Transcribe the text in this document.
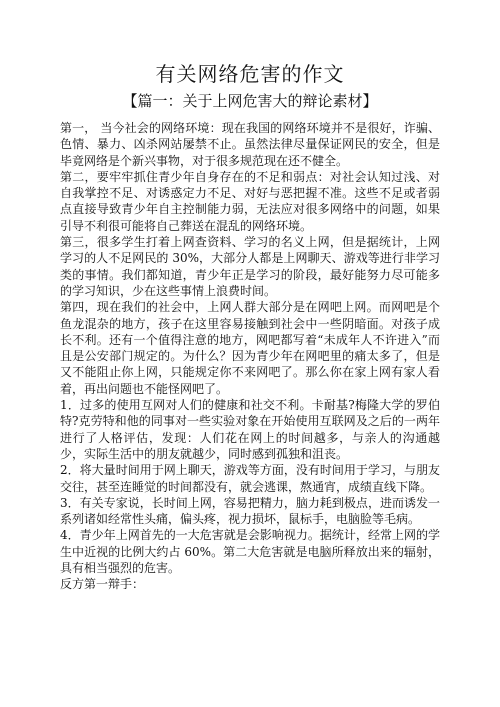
有关网络危害的作文
【篇一：关于上网危害大的辩论素材】

第一， 当今社会的网络环境：现在我国的网络环境并不是很好，诈骗、色情、暴力、凶杀网站屡禁不止。虽然法律尽量保证网民的安全，但是毕竟网络是个新兴事物，对于很多规范现在还不健全。

第二，要牢牢抓住青少年自身存在的不足和弱点：对社会认知过浅、对自我掌控不足、对诱惑定力不足、对好与恶把握不准。这些不足或者弱点直接导致青少年自主控制能力弱，无法应对很多网络中的问题，如果引导不利很可能将自己葬送在混乱的网络环境。

第三，很多学生打着上网查资料、学习的名义上网，但是据统计，上网学习的人不足网民的 30%，大部分人都是上网聊天、游戏等进行非学习类的事情。我们都知道，青少年正是学习的阶段，最好能努力尽可能多的学习知识，少在这些事情上浪费时间。

第四，现在我们的社会中，上网人群大部分是在网吧上网。而网吧是个鱼龙混杂的地方，孩子在这里容易接触到社会中一些阴暗面。对孩子成长不利。还有一个值得注意的地方，网吧都写着“未成年人不许进入”而且是公安部门规定的。为什么？因为青少年在网吧里的痛太多了，但是又不能阻止你上网，只能规定你不来网吧了。那么你在家上网有家人看着，再出问题也不能怪网吧了。

1．过多的使用互网对人们的健康和社交不利。卡耐基?梅隆大学的罗伯特?克劳特和他的同事对一些实验对象在开始使用互联网及之后的一两年进行了人格评估，发现：人们花在网上的时间越多，与亲人的沟通越少，实际生活中的朋友就越少，同时感到孤独和沮丧。

2．将大量时间用于网上聊天，游戏等方面，没有时间用于学习，与朋友交往，甚至连睡觉的时间都没有，就会逃课，熬通宵，成绩直线下降。

3．有关专家说，长时间上网，容易把精力，脑力耗到极点，进而诱发一系列诸如经常性头痛，偏头疼，视力损坏，鼠标手，电脑脸等毛病。

4．青少年上网首先的一大危害就是会影响视力。据统计，经常上网的学生中近视的比例大约占 60%。第二大危害就是电脑所释放出来的辐射，具有相当强烈的危害。

反方第一辩手：
